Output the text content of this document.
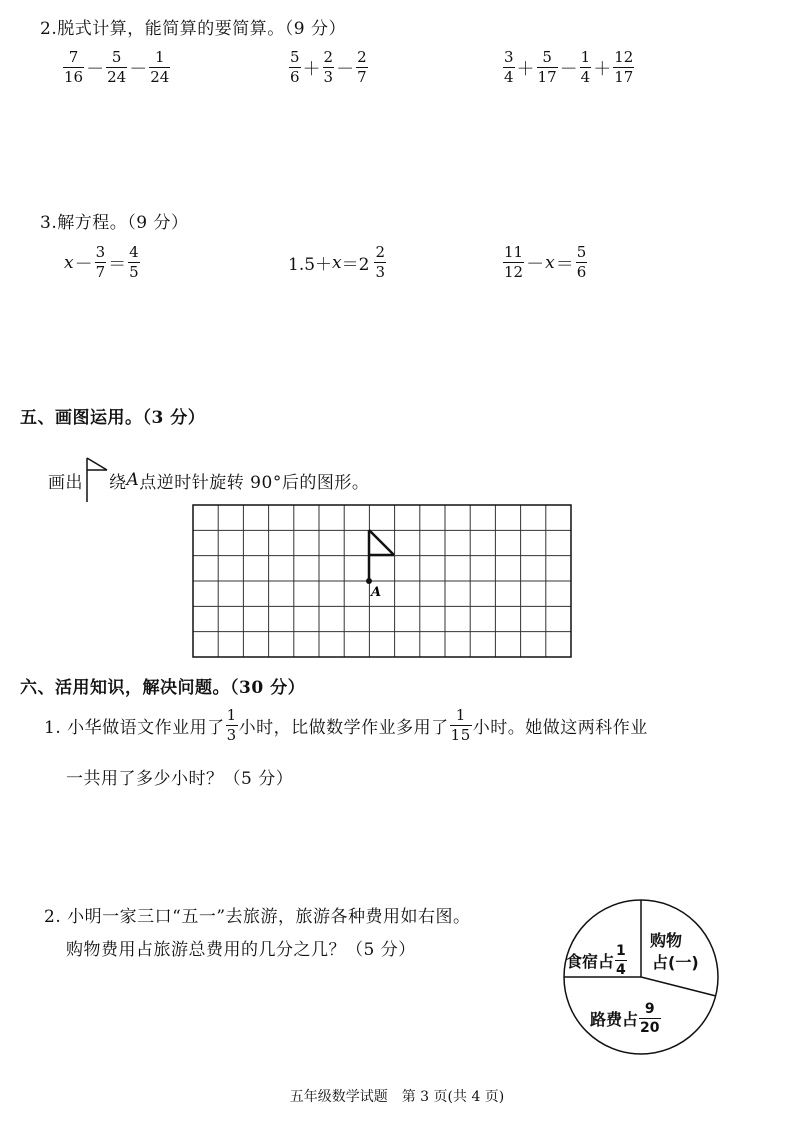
2.脱式计算，能简算的要简算。（9 分）
$\frac{7}{16} - \frac{5}{24} - \frac{1}{24}$	$\frac{5}{6} + \frac{2}{3} - \frac{2}{7}$	$\frac{3}{4} + \frac{5}{17} - \frac{1}{4} + \frac{12}{17}$
3.解方程。（9 分）
$x - \frac{3}{7} = \frac{4}{5}$	$1.5+ x =2 \frac{2}{3}$	$\frac{11}{12} - x = \frac{5}{6}$
五、画图运用。（3 分）
画出 绕 A 点逆时针旋转 90°后的图形。
A
六、活用知识，解决问题。（30 分）
1. 小华做语文作业用了 $\frac{1}{3}$ 小时，比做数学作业多用了 $\frac{1}{15}$ 小时。她做这两科作业
一共用了多少小时？（5 分）
2. 小明一家三口“五一”去旅游，旅游各种费用如右图。
购物费用占旅游总费用的几分之几？（5 分）
食宿占 $\frac{1}{4}$
购物
占(一)
路费占 $\frac{9}{20}$
五年级数学试题　第 3 页(共 4 页)
